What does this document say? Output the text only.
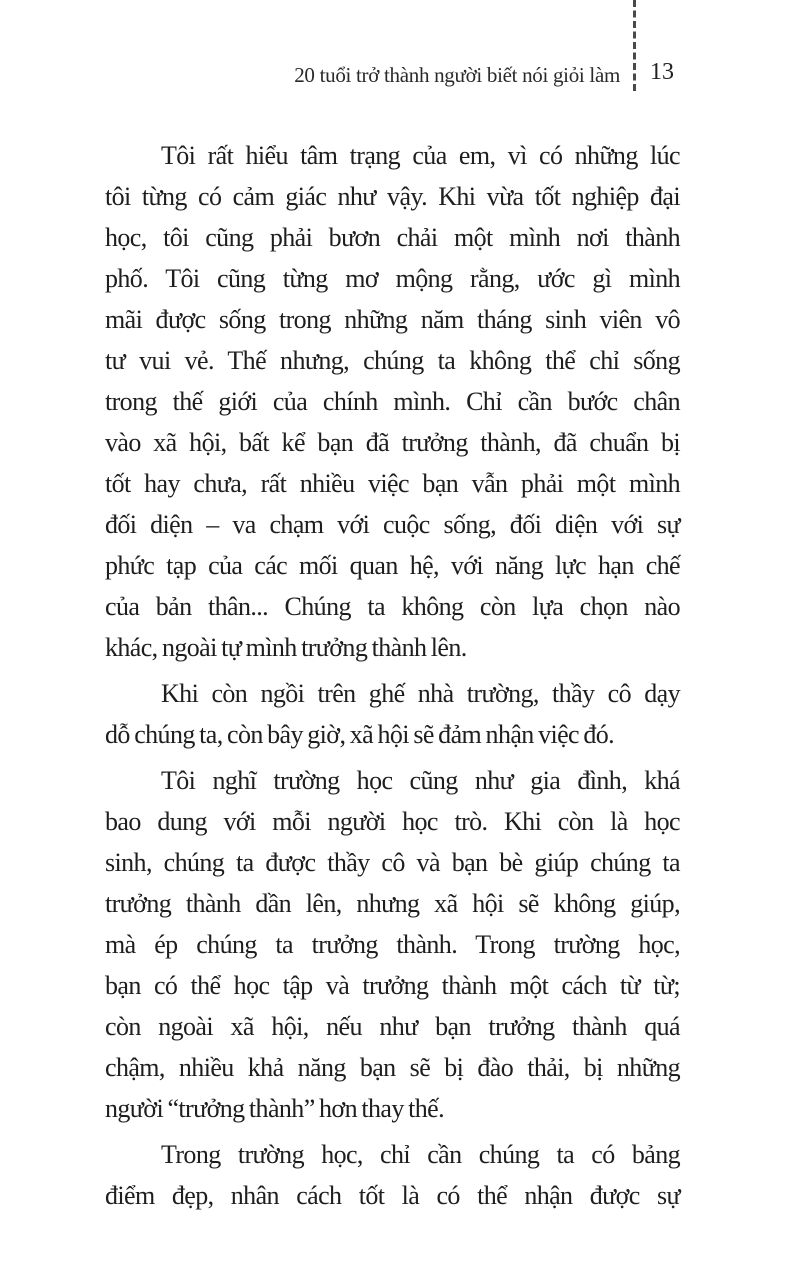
20 tuổi trở thành người biết nói giỏi làm 13
Tôi rất hiểu tâm trạng của em, vì có những lúc
tôi từng có cảm giác như vậy. Khi vừa tốt nghiệp đại
học, tôi cũng phải bươn chải một mình nơi thành
phố. Tôi cũng từng mơ mộng rằng, ước gì mình
mãi được sống trong những năm tháng sinh viên vô
tư vui vẻ. Thế nhưng, chúng ta không thể chỉ sống
trong thế giới của chính mình. Chỉ cần bước chân
vào xã hội, bất kể bạn đã trưởng thành, đã chuẩn bị
tốt hay chưa, rất nhiều việc bạn vẫn phải một mình
đối diện – va chạm với cuộc sống, đối diện với sự
phức tạp của các mối quan hệ, với năng lực hạn chế
của bản thân... Chúng ta không còn lựa chọn nào
khác, ngoài tự mình trưởng thành lên.
Khi còn ngồi trên ghế nhà trường, thầy cô dạy
dỗ chúng ta, còn bây giờ, xã hội sẽ đảm nhận việc đó.
Tôi nghĩ trường học cũng như gia đình, khá
bao dung với mỗi người học trò. Khi còn là học
sinh, chúng ta được thầy cô và bạn bè giúp chúng ta
trưởng thành dần lên, nhưng xã hội sẽ không giúp,
mà ép chúng ta trưởng thành. Trong trường học,
bạn có thể học tập và trưởng thành một cách từ từ;
còn ngoài xã hội, nếu như bạn trưởng thành quá
chậm, nhiều khả năng bạn sẽ bị đào thải, bị những
người “trưởng thành” hơn thay thế.
Trong trường học, chỉ cần chúng ta có bảng
điểm đẹp, nhân cách tốt là có thể nhận được sự
